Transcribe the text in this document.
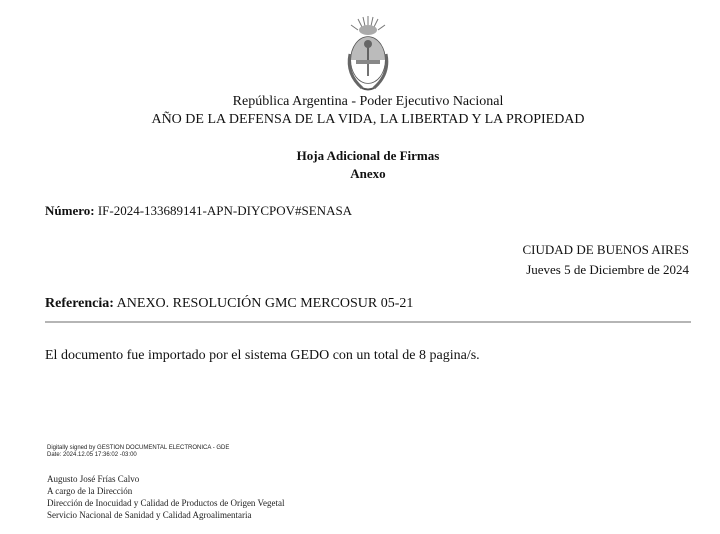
República Argentina - Poder Ejecutivo Nacional
AÑO DE LA DEFENSA DE LA VIDA, LA LIBERTAD Y LA PROPIEDAD
Hoja Adicional de Firmas
Anexo
Número: IF-2024-133689141-APN-DIYCPOV#SENASA
CIUDAD DE BUENOS AIRES
Jueves 5 de Diciembre de 2024
Referencia: ANEXO. RESOLUCIÓN GMC MERCOSUR 05-21
El documento fue importado por el sistema GEDO con un total de 8 pagina/s.
Digitally signed by GESTION DOCUMENTAL ELECTRONICA - GDE
Date: 2024.12.05 17:36:02 -03:00
Augusto José Frías Calvo
A cargo de la Dirección
Dirección de Inocuidad y Calidad de Productos de Origen Vegetal
Servicio Nacional de Sanidad y Calidad Agroalimentaria
